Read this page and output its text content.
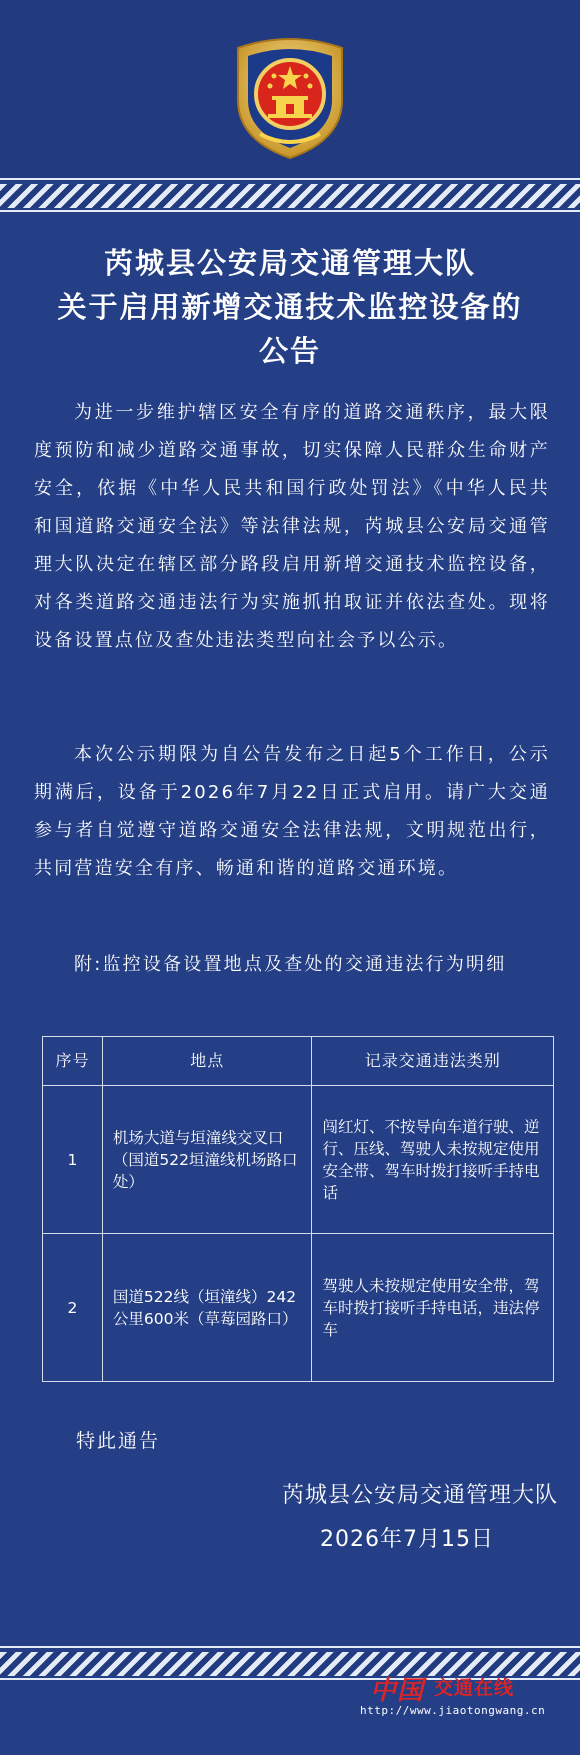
芮城县公安局交通管理大队
关于启用新增交通技术监控设备的
公告

为进一步维护辖区安全有序的道路交通秩序，最大限度预防和减少道路交通事故，切实保障人民群众生命财产安全，依据《中华人民共和国行政处罚法》《中华人民共和国道路交通安全法》等法律法规，芮城县公安局交通管理大队决定在辖区部分路段启用新增交通技术监控设备，对各类道路交通违法行为实施抓拍取证并依法查处。现将设备设置点位及查处违法类型向社会予以公示。

本次公示期限为自公告发布之日起5个工作日，公示期满后，设备于2026年7月22日正式启用。请广大交通参与者自觉遵守道路交通安全法律法规，文明规范出行，共同营造安全有序、畅通和谐的道路交通环境。

附:监控设备设置地点及查处的交通违法行为明细

序号	地点	记录交通违法类别
1	机场大道与垣潼线交叉口（国道522垣潼线机场路口处）	闯红灯、不按导向车道行驶、逆行、压线、驾驶人未按规定使用安全带、驾车时拨打接听手持电话
2	国道522线（垣潼线）242公里600米（草莓园路口）	驾驶人未按规定使用安全带，驾车时拨打接听手持电话，违法停车
特此通告
芮城县公安局交通管理大队
2026年7月15日
中国 交通在线
http://www.jiaotongwang.cn
